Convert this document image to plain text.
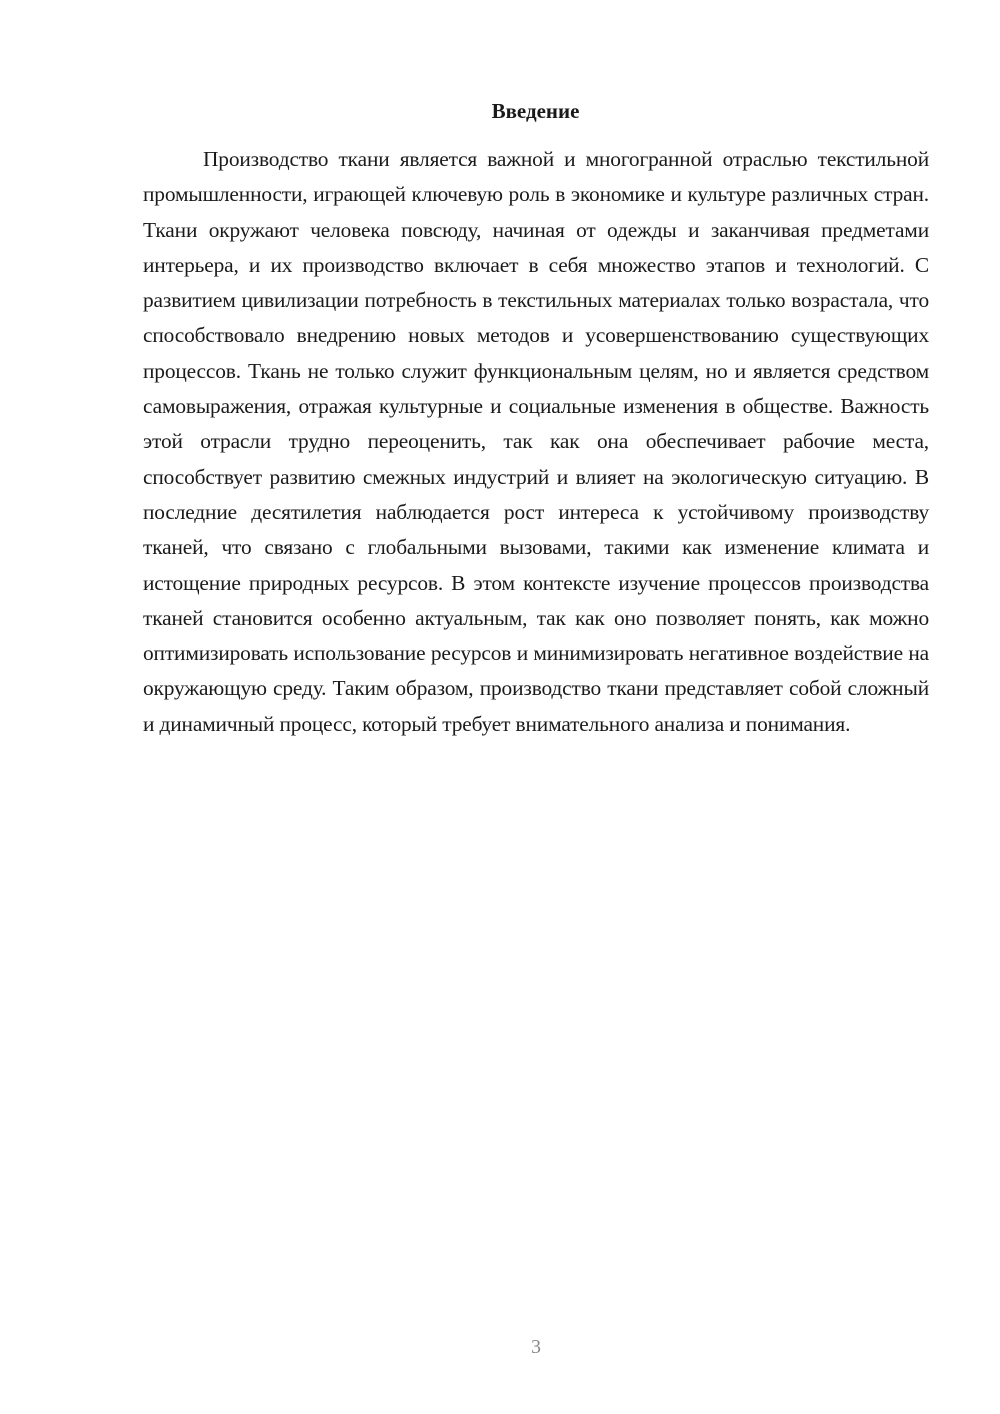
Введение

Производство ткани является важной и многогранной отраслью текстильной промышленности, играющей ключевую роль в экономике и культуре различных стран. Ткани окружают человека повсюду, начиная от одежды и заканчивая предметами интерьера, и их производство включает в себя множество этапов и технологий. С развитием цивилизации потребность в текстильных материалах только возрастала, что способствовало внедрению новых методов и усовершенствованию существующих процессов. Ткань не только служит функциональным целям, но и является средством самовыражения, отражая культурные и социальные изменения в обществе. Важность этой отрасли трудно переоценить, так как она обеспечивает рабочие места, способствует развитию смежных индустрий и влияет на экологическую ситуацию. В последние десятилетия наблюдается рост интереса к устойчивому производству тканей, что связано с глобальными вызовами, такими как изменение климата и истощение природных ресурсов. В этом контексте изучение процессов производства тканей становится особенно актуальным, так как оно позволяет понять, как можно оптимизировать использование ресурсов и минимизировать негативное воздействие на окружающую среду. Таким образом, производство ткани представляет собой сложный и динамичный процесс, который требует внимательного анализа и понимания.

3
